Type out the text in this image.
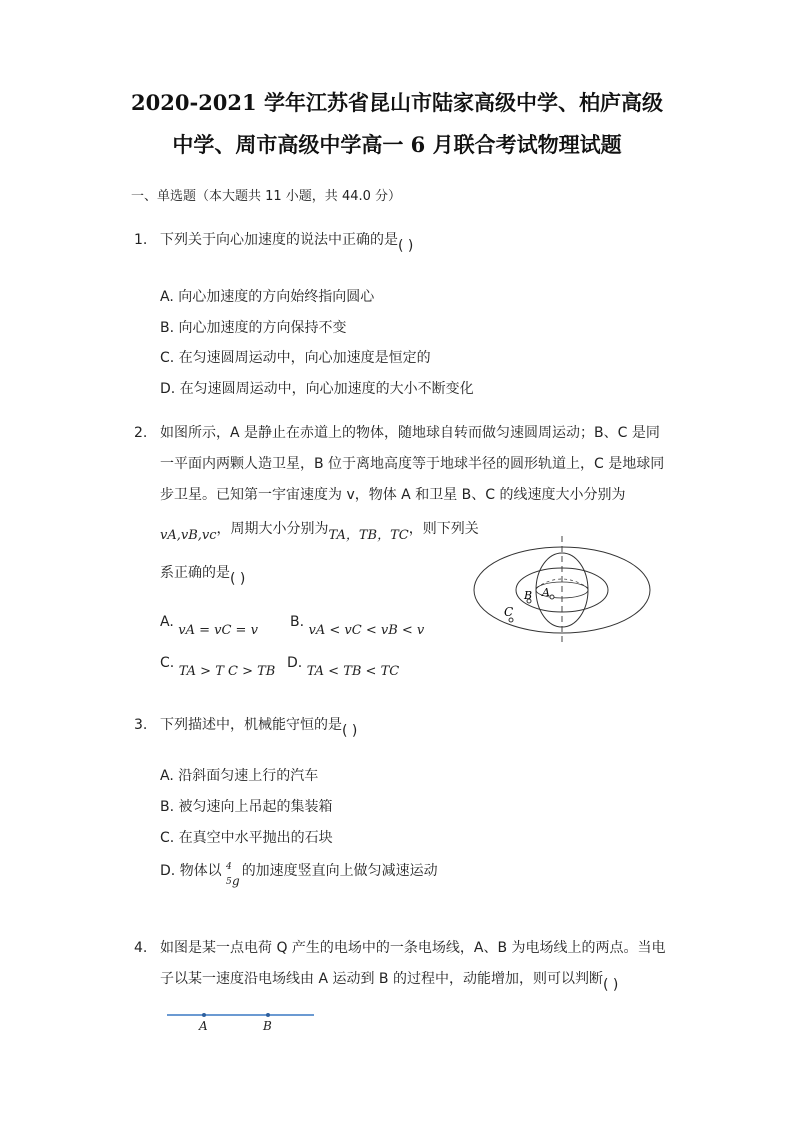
2020-2021 学年江苏省昆山市陆家高级中学、柏庐高级
中学、周市高级中学高一 6 月联合考试物理试题
一、单选题（本大题共 11 小题，共 44.0 分）
1. 下列关于向心加速度的说法中正确的是( )
A. 向心加速度的方向始终指向圆心
B. 向心加速度的方向保持不变
C. 在匀速圆周运动中，向心加速度是恒定的
D. 在匀速圆周运动中，向心加速度的大小不断变化
2. 如图所示，A 是静止在赤道上的物体，随地球自转而做匀速圆周运动；B、C 是同
一平面内两颗人造卫星，B 位于离地高度等于地球半径的圆形轨道上，C 是地球同
步卫星。已知第一宇宙速度为 v，物体 A 和卫星 B、C 的线速度大小分别为
vA,vB,vc，周期大小分别为TA，TB，TC，则下列关
系正确的是( )
A
B
C
A. vA = vC = v
B. vA < vC < vB < v
C. TA > T C > TB
D. TA < TB < TC
3. 下列描述中，机械能守恒的是( )
A. 沿斜面匀速上行的汽车
B. 被匀速向上吊起的集装箱
C. 在真空中水平抛出的石块
D. 物体以 的加速度竖直向上做匀减速运动
4
5 g
4. 如图是某一点电荷 Q 产生的电场中的一条电场线，A、B 为电场线上的两点。当电
子以某一速度沿电场线由 A 运动到 B 的过程中，动能增加，则可以判断( )
A	B
